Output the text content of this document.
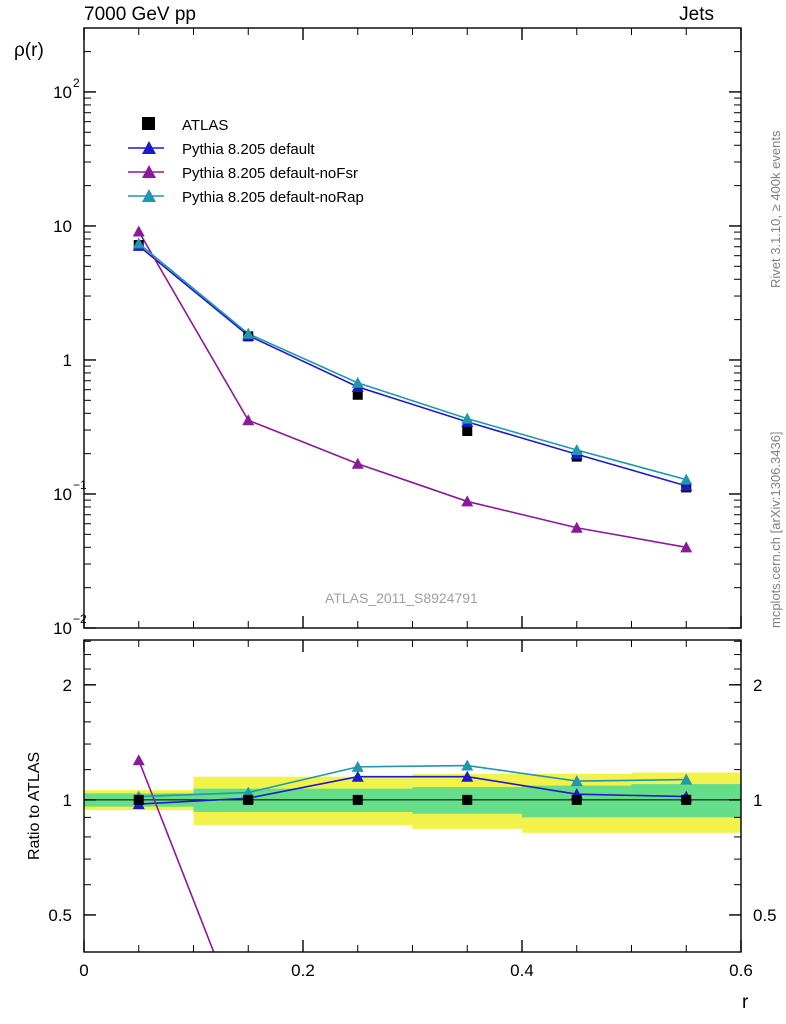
7000 GeV pp	Jets
ρ(r)
r
Rivet 3.1.10, ≥ 400k events
mcplots.cern.ch [arXiv:1306.3436]
Ratio to ATLAS
ATLAS_2011_S8924791
10 2
10
1
10 −1
10 −2
2	2
1	1
0.5	0.5
0	0.2	0.4	0.6
ATLAS
Pythia 8.205 default
Pythia 8.205 default-noFsr
Pythia 8.205 default-noRap
